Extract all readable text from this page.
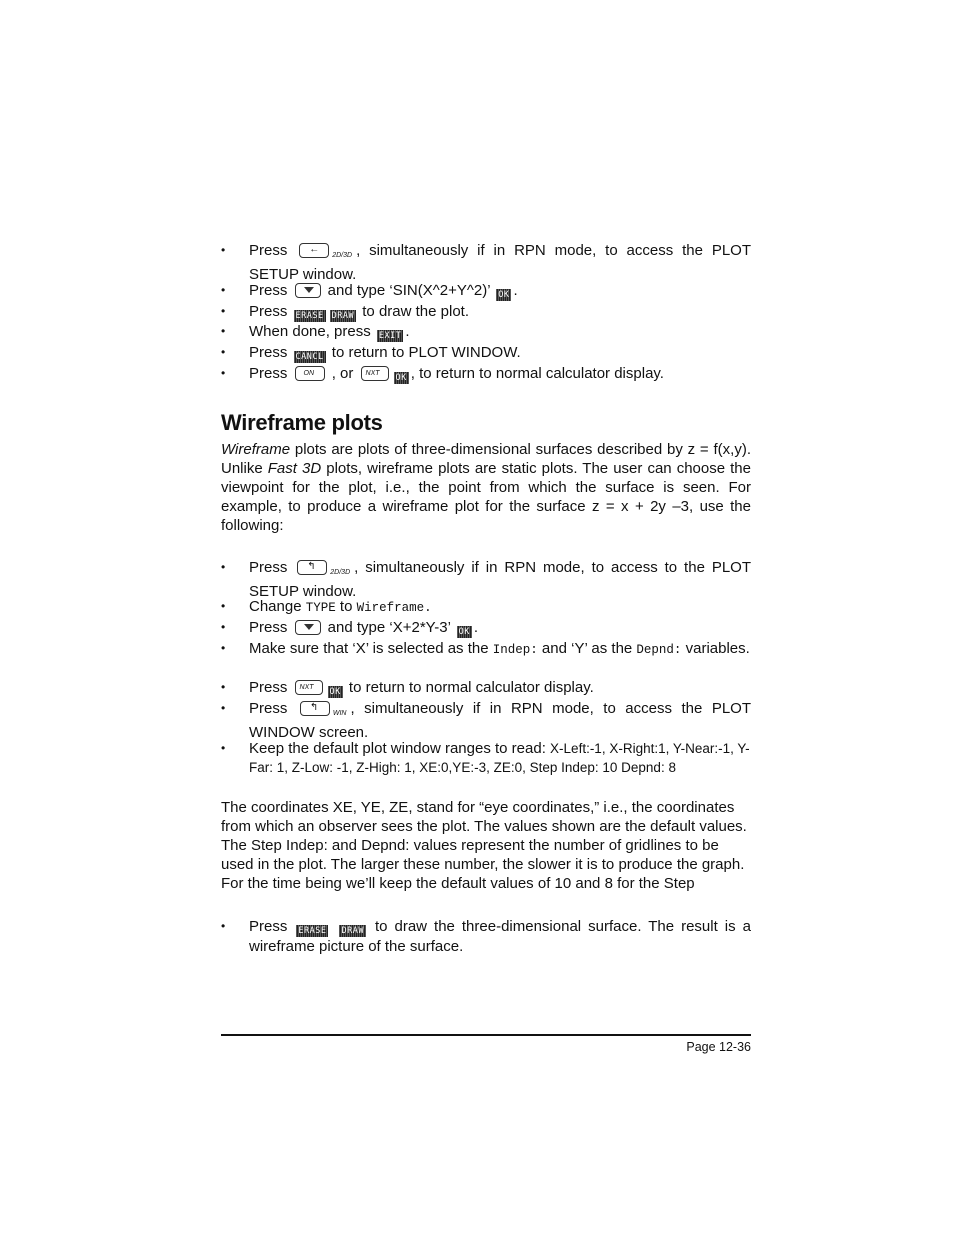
•	Press ←
$_{2D/3D}$ , simultaneously if in RPN mode, to access the PLOT SETUP window.
•	Press  and type ‘SIN(X^2+Y^2)’ OK .
•	Press ERASE DRAW to draw the plot.
•	When done, press EXIT .
•	Press CANCL to return to PLOT WINDOW.
•	Press ON , or NXT OK , to return to normal calculator display.
Wireframe plots
Wireframe plots are plots of three-dimensional surfaces described by z = f(x,y). Unlike Fast 3D plots, wireframe plots are static plots. The user can choose the viewpoint for the plot, i.e., the point from which the surface is seen. For example, to produce a wireframe plot for the surface z = x + 2y –3, use the following:
•	Press ↰
$_{2D/3D}$ , simultaneously if in RPN mode, to access to the PLOT SETUP window.
•	Change TYPE to Wireframe.
•	Press  and type ‘X+2*Y-3’ OK .
•	Make sure that ‘X’ is selected as the Indep: and ‘Y’ as the Depnd: variables.
•	Press NXT OK to return to normal calculator display.
•	Press ↰
$_{WIN}$ , simultaneously if in RPN mode, to access the PLOT WINDOW screen.
•	Keep the default plot window ranges to read: X-Left:-1, X-Right:1, Y-Near:-1, Y-Far: 1, Z-Low: -1, Z-High: 1, XE:0,YE:-3, ZE:0, Step Indep: 10 Depnd: 8
The coordinates XE, YE, ZE, stand for “eye coordinates,” i.e., the coordinates from which an observer sees the plot. The values shown are the default values. The Step Indep: and Depnd: values represent the number of gridlines to be used in the plot. The larger these number, the slower it is to produce the graph. For the time being we’ll keep the default values of 10 and 8 for the Step
•	Press ERASE DRAW to draw the three-dimensional surface. The result is a wireframe picture of the surface.
Page 12-36
